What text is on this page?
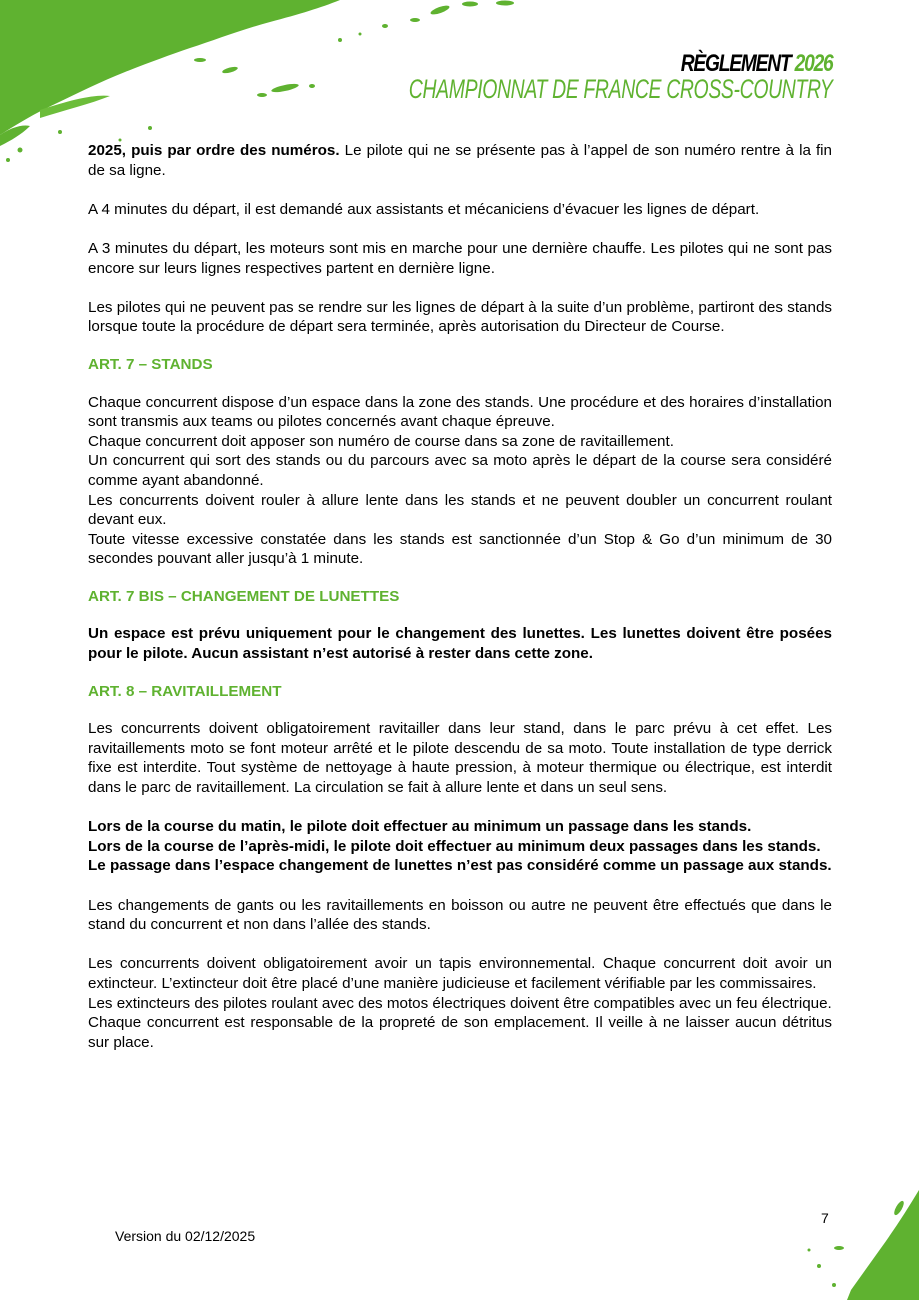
RÈGLEMENT 2026
CHAMPIONNAT DE FRANCE CROSS-COUNTRY

2025, puis par ordre des numéros. Le pilote qui ne se présente pas à l’appel de son numéro rentre à la fin de sa ligne.

A 4 minutes du départ, il est demandé aux assistants et mécaniciens d’évacuer les lignes de départ.

A 3 minutes du départ, les moteurs sont mis en marche pour une dernière chauffe. Les pilotes qui ne sont pas encore sur leurs lignes respectives partent en dernière ligne.

Les pilotes qui ne peuvent pas se rendre sur les lignes de départ à la suite d’un problème, partiront des stands lorsque toute la procédure de départ sera terminée, après autorisation du Directeur de Course.

ART. 7 – STANDS

Chaque concurrent dispose d’un espace dans la zone des stands. Une procédure et des horaires d’installation sont transmis aux teams ou pilotes concernés avant chaque épreuve.

Chaque concurrent doit apposer son numéro de course dans sa zone de ravitaillement.

Un concurrent qui sort des stands ou du parcours avec sa moto après le départ de la course sera considéré comme ayant abandonné.

Les concurrents doivent rouler à allure lente dans les stands et ne peuvent doubler un concurrent roulant devant eux.

Toute vitesse excessive constatée dans les stands est sanctionnée d’un Stop & Go d’un minimum de 30 secondes pouvant aller jusqu’à 1 minute.

ART. 7 BIS – CHANGEMENT DE LUNETTES

Un espace est prévu uniquement pour le changement des lunettes. Les lunettes doivent être posées pour le pilote. Aucun assistant n’est autorisé à rester dans cette zone.

ART. 8 – RAVITAILLEMENT

Les concurrents doivent obligatoirement ravitailler dans leur stand, dans le parc prévu à cet effet. Les ravitaillements moto se font moteur arrêté et le pilote descendu de sa moto. Toute installation de type derrick fixe est interdite. Tout système de nettoyage à haute pression, à moteur thermique ou électrique, est interdit dans le parc de ravitaillement. La circulation se fait à allure lente et dans un seul sens.

Lors de la course du matin, le pilote doit effectuer au minimum un passage dans les stands.

Lors de la course de l’après-midi, le pilote doit effectuer au minimum deux passages dans les stands.

Le passage dans l’espace changement de lunettes n’est pas considéré comme un passage aux stands.

Les changements de gants ou les ravitaillements en boisson ou autre ne peuvent être effectués que dans le stand du concurrent et non dans l’allée des stands.

Les concurrents doivent obligatoirement avoir un tapis environnemental. Chaque concurrent doit avoir un extincteur. L’extincteur doit être placé d’une manière judicieuse et facilement vérifiable par les commissaires.

Les extincteurs des pilotes roulant avec des motos électriques doivent être compatibles avec un feu électrique.

Chaque concurrent est responsable de la propreté de son emplacement. Il veille à ne laisser aucun détritus sur place.

Version du 02/12/2025
7
